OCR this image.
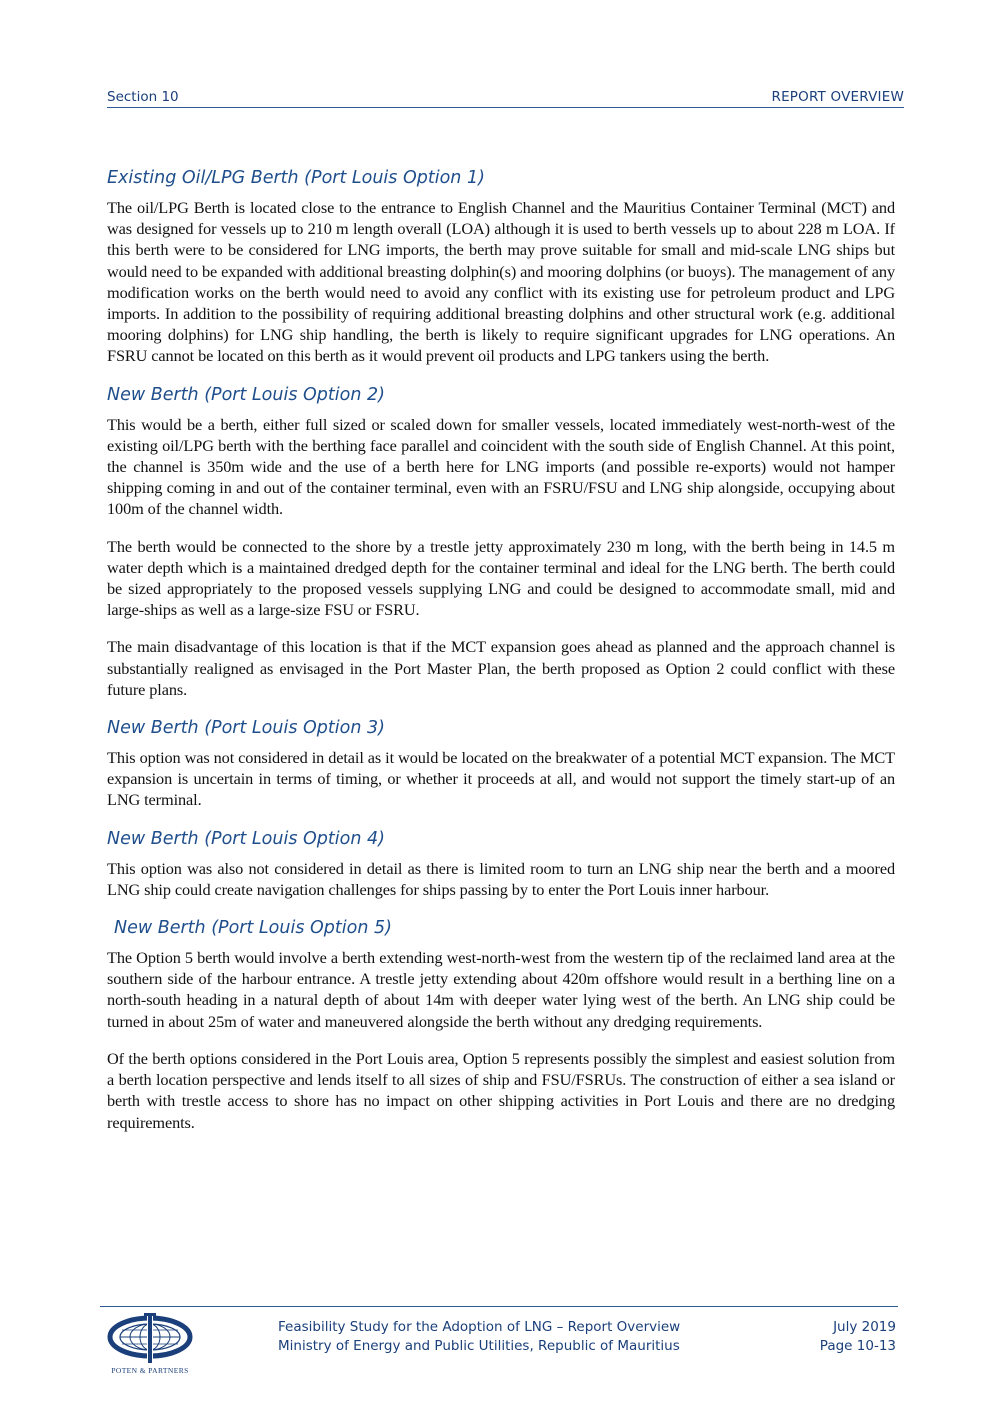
Section 10	REPORT OVERVIEW
Existing Oil/LPG Berth (Port Louis Option 1)

The oil/LPG Berth is located close to the entrance to English Channel and the Mauritius Container Terminal (MCT) and was designed for vessels up to 210 m length overall (LOA) although it is used to berth vessels up to about 228 m LOA. If this berth were to be considered for LNG imports, the berth may prove suitable for small and mid-scale LNG ships but would need to be expanded with additional breasting dolphin(s) and mooring dolphins (or buoys). The management of any modification works on the berth would need to avoid any conflict with its existing use for petroleum product and LPG imports. In addition to the possibility of requiring additional breasting dolphins and other structural work (e.g. additional mooring dolphins) for LNG ship handling, the berth is likely to require significant upgrades for LNG operations. An FSRU cannot be located on this berth as it would prevent oil products and LPG tankers using the berth.

New Berth (Port Louis Option 2)

This would be a berth, either full sized or scaled down for smaller vessels, located immediately west-north-west of the existing oil/LPG berth with the berthing face parallel and coincident with the south side of English Channel. At this point, the channel is 350m wide and the use of a berth here for LNG imports (and possible re-exports) would not hamper shipping coming in and out of the container terminal, even with an FSRU/FSU and LNG ship alongside, occupying about 100m of the channel width.

The berth would be connected to the shore by a trestle jetty approximately 230 m long, with the berth being in 14.5 m water depth which is a maintained dredged depth for the container terminal and ideal for the LNG berth. The berth could be sized appropriately to the proposed vessels supplying LNG and could be designed to accommodate small, mid and large-ships as well as a large-size FSU or FSRU.

The main disadvantage of this location is that if the MCT expansion goes ahead as planned and the approach channel is substantially realigned as envisaged in the Port Master Plan, the berth proposed as Option 2 could conflict with these future plans.

New Berth (Port Louis Option 3)

This option was not considered in detail as it would be located on the breakwater of a potential MCT expansion. The MCT expansion is uncertain in terms of timing, or whether it proceeds at all, and would not support the timely start-up of an LNG terminal.

New Berth (Port Louis Option 4)

This option was also not considered in detail as there is limited room to turn an LNG ship near the berth and a moored LNG ship could create navigation challenges for ships passing by to enter the Port Louis inner harbour.

New Berth (Port Louis Option 5)

The Option 5 berth would involve a berth extending west-north-west from the western tip of the reclaimed land area at the southern side of the harbour entrance. A trestle jetty extending about 420m offshore would result in a berthing line on a north-south heading in a natural depth of about 14m with deeper water lying west of the berth. An LNG ship could be turned in about 25m of water and maneuvered alongside the berth without any dredging requirements.

Of the berth options considered in the Port Louis area, Option 5 represents possibly the simplest and easiest solution from a berth location perspective and lends itself to all sizes of ship and FSU/FSRUs. The construction of either a sea island or berth with trestle access to shore has no impact on other shipping activities in Port Louis and there are no dredging requirements.

POTEN & PARTNERS
Feasibility Study for the Adoption of LNG – Report Overview
Ministry of Energy and Public Utilities, Republic of Mauritius
July 2019
Page 10-13
